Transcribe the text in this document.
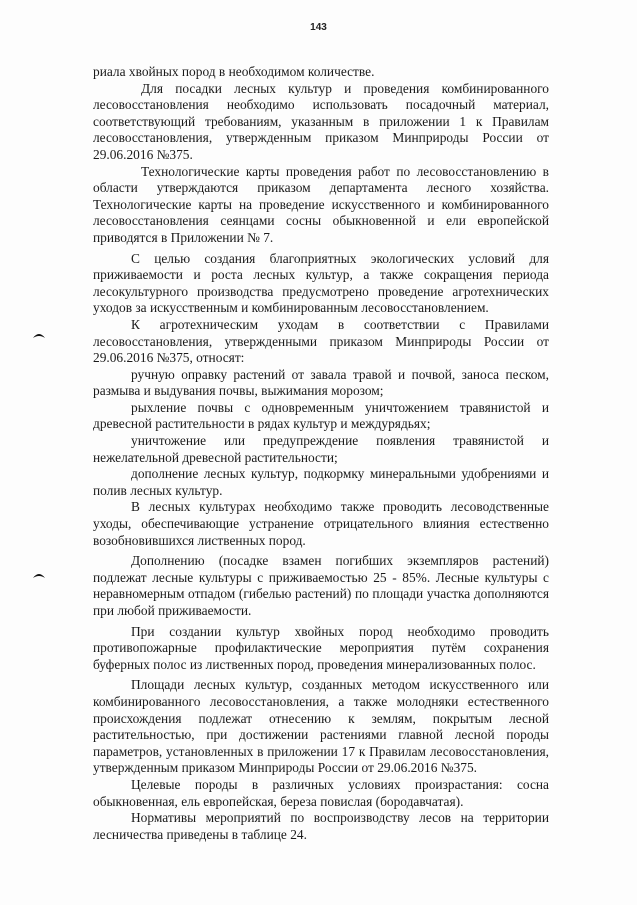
143

риала хвойных пород в необходимом количестве.

Для посадки лесных культур и проведения комбинированного лесовосстановления необходимо использовать посадочный материал, соответствующий требованиям, указанным в приложении 1 к Правилам лесовосстановления, утвержденным приказом Минприроды России от 29.06.2016 №375.

Технологические карты проведения работ по лесовосстановлению в области утверждаются приказом департамента лесного хозяйства. Технологические карты на проведение искусственного и комбинированного лесовосстановления сеянцами сосны обыкновенной и ели европейской приводятся в Приложении № 7.

С целью создания благоприятных экологических условий для приживаемости и роста лесных культур, а также сокращения периода лесокультурного производства предусмотрено проведение агротехнических уходов за искусственным и комбинированным лесовосстановлением.

К агротехническим уходам в соответствии с Правилами лесовосстановления, утвержденными приказом Минприроды России от 29.06.2016 №375, относят:

ручную оправку растений от завала травой и почвой, заноса песком, размыва и выдувания почвы, выжимания морозом;

рыхление почвы с одновременным уничтожением травянистой и древесной растительности в рядах культур и междурядьях;

уничтожение или предупреждение появления травянистой и нежелательной древесной растительности;

дополнение лесных культур, подкормку минеральными удобрениями и полив лесных культур.

В лесных культурах необходимо также проводить лесоводственные уходы, обеспечивающие устранение отрицательного влияния естественно возобновившихся лиственных пород.

Дополнению (посадке взамен погибших экземпляров растений) подлежат лесные культуры с приживаемостью 25 - 85%. Лесные культуры с неравномерным отпадом (гибелью растений) по площади участка дополняются при любой приживаемости.

При создании культур хвойных пород необходимо проводить противопожарные профилактические мероприятия путём сохранения буферных полос из лиственных пород, проведения минерализованных полос.

Площади лесных культур, созданных методом искусственного или комбинированного лесовосстановления, а также молодняки естественного происхождения подлежат отнесению к землям, покрытым лесной растительностью, при достижении растениями главной лесной породы параметров, установленных в приложении 17 к Правилам лесовосстановления, утвержденным приказом Минприроды России от 29.06.2016 №375.

Целевые породы в различных условиях произрастания: сосна обыкновенная, ель европейская, береза повислая (бородавчатая).

Нормативы мероприятий по воспроизводству лесов на территории лесничества приведены в таблице 24.
